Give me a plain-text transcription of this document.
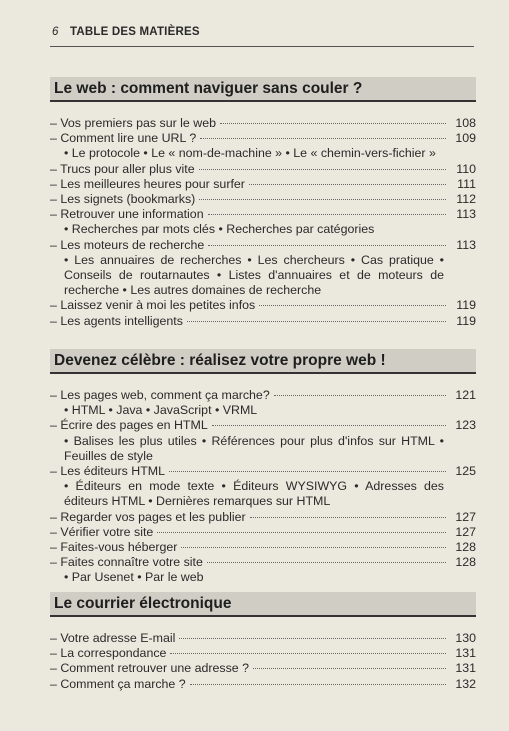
6 TABLE DES MATIÈRES
Le web : comment naviguer sans couler ?
– Vos premiers pas sur le web	108
– Comment lire une URL ?	109
• Le protocole • Le « nom-de-machine » • Le « chemin-vers-fichier »
– Trucs pour aller plus vite	110
– Les meilleures heures pour surfer	111
– Les signets (bookmarks)	112
– Retrouver une information	113
• Recherches par mots clés • Recherches par catégories
– Les moteurs de recherche	113
• Les annuaires de recherches • Les chercheurs • Cas pratique • Conseils de routarnautes • Listes d'annuaires et de moteurs de recherche • Les autres domaines de recherche
– Laissez venir à moi les petites infos	119
– Les agents intelligents	119
Devenez célèbre : réalisez votre propre web !
– Les pages web, comment ça marche?	121
• HTML • Java • JavaScript • VRML
– Écrire des pages en HTML	123
• Balises les plus utiles • Références pour plus d'infos sur HTML • Feuilles de style
– Les éditeurs HTML	125
• Éditeurs en mode texte • Éditeurs WYSIWYG • Adresses des éditeurs HTML • Dernières remarques sur HTML
– Regarder vos pages et les publier	127
– Vérifier votre site	127
– Faites-vous héberger	128
– Faites connaître votre site	128
• Par Usenet • Par le web
Le courrier électronique
– Votre adresse E-mail	130
– La correspondance	131
– Comment retrouver une adresse ?	131
– Comment ça marche ?	132
